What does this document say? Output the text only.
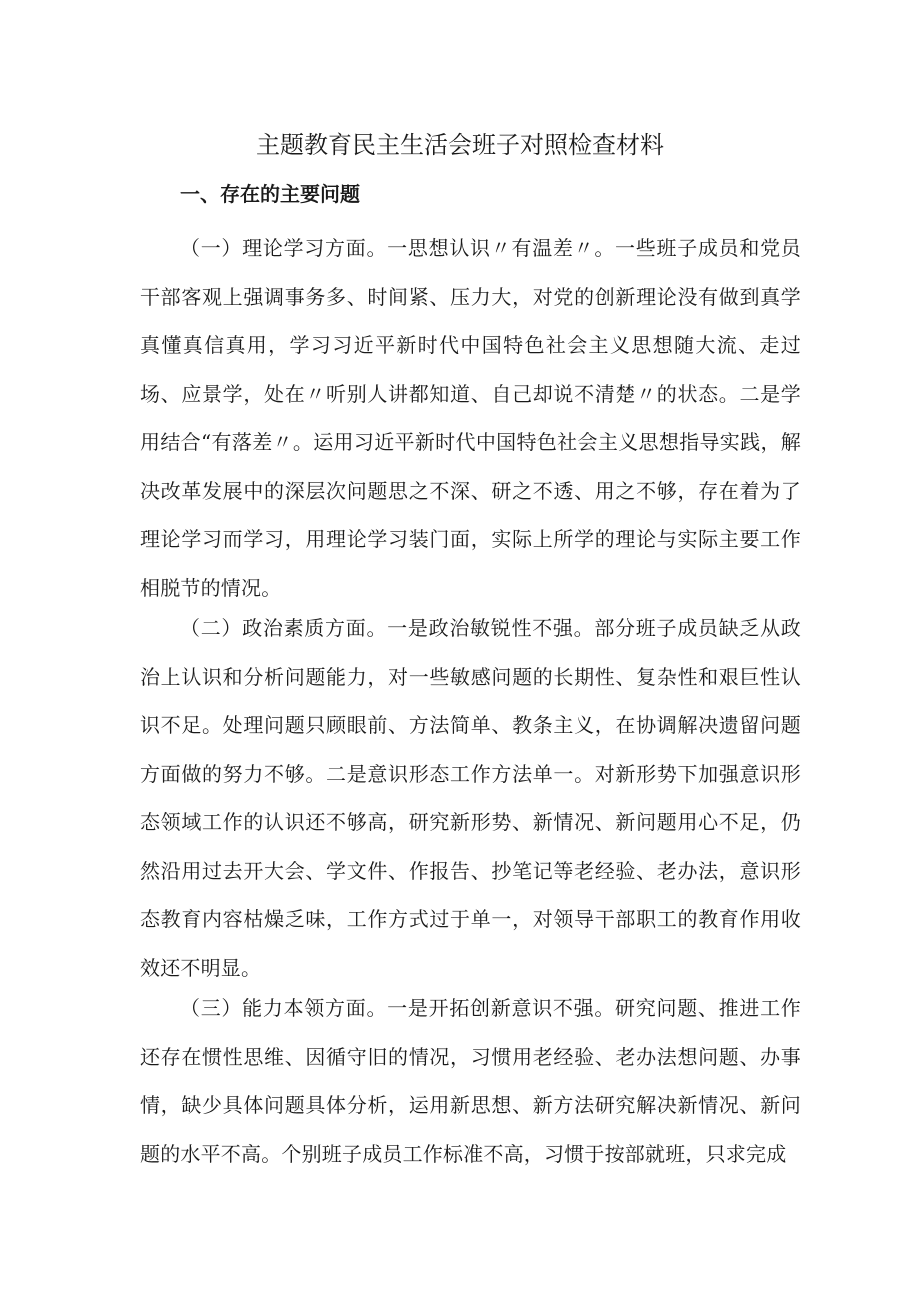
主题教育民主生活会班子对照检查材料
一、存在的主要问题

（一）理论学习方面。一思想认识〃有温差〃。一些班子成员和党员干部客观上强调事务多、时间紧、压力大，对党的创新理论没有做到真学真懂真信真用，学习习近平新时代中国特色社会主义思想随大流、走过场、应景学，处在〃听别人讲都知道、自己却说不清楚〃的状态。二是学用结合“有落差〃。运用习近平新时代中国特色社会主义思想指导实践，解决改革发展中的深层次问题思之不深、研之不透、用之不够，存在着为了理论学习而学习，用理论学习装门面，实际上所学的理论与实际主要工作相脱节的情况。

（二）政治素质方面。一是政治敏锐性不强。部分班子成员缺乏从政治上认识和分析问题能力，对一些敏感问题的长期性、复杂性和艰巨性认识不足。处理问题只顾眼前、方法简单、教条主义，在协调解决遗留问题方面做的努力不够。二是意识形态工作方法单一。对新形势下加强意识形态领域工作的认识还不够高，研究新形势、新情况、新问题用心不足，仍然沿用过去开大会、学文件、作报告、抄笔记等老经验、老办法，意识形态教育内容枯燥乏味，工作方式过于单一，对领导干部职工的教育作用收效还不明显。

（三）能力本领方面。一是开拓创新意识不强。研究问题、推进工作还存在惯性思维、因循守旧的情况，习惯用老经验、老办法想问题、办事情，缺少具体问题具体分析，运用新思想、新方法研究解决新情况、新问题的水平不高。个别班子成员工作标准不高，习惯于按部就班，只求完成
